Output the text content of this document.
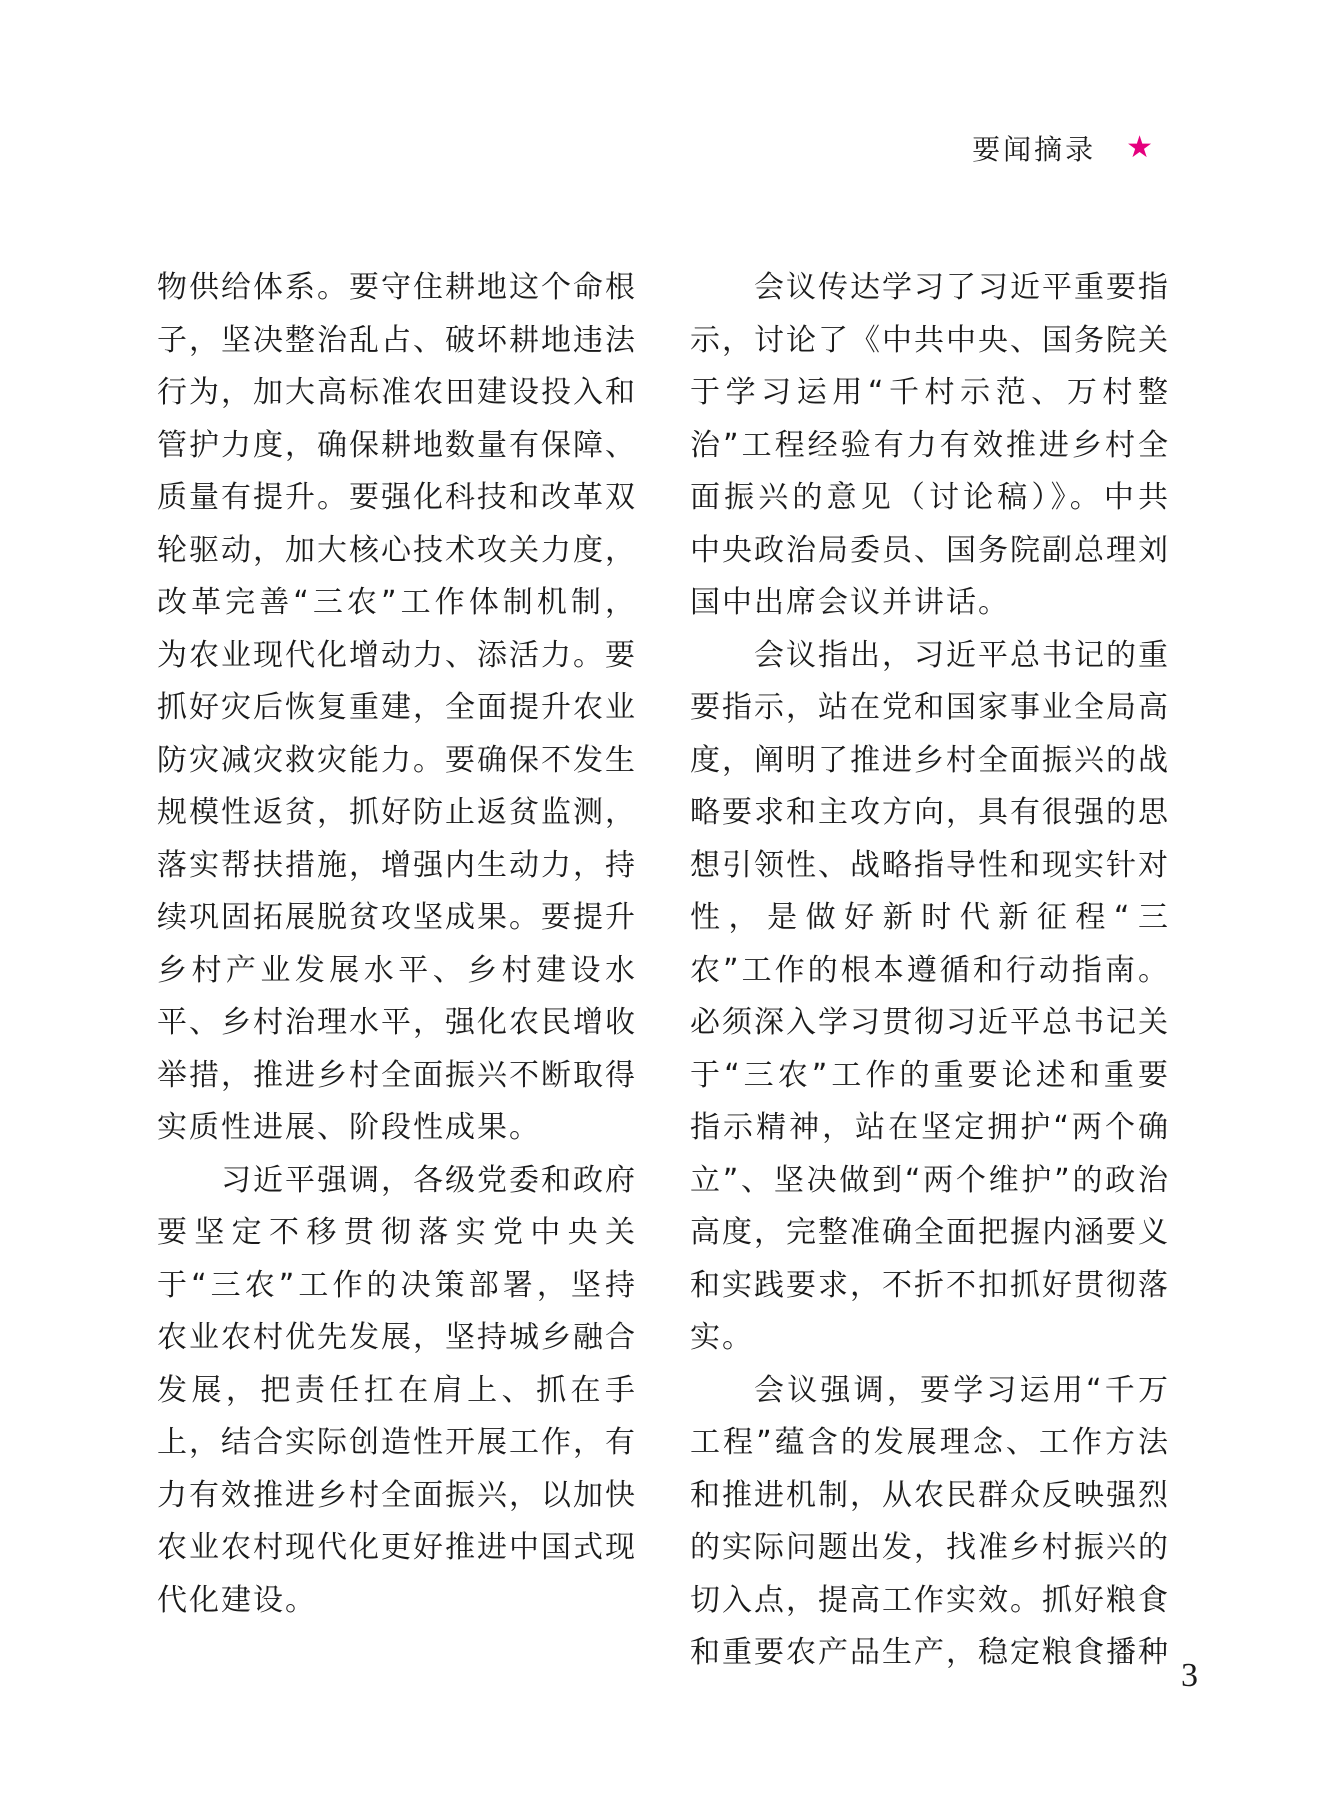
要闻摘录 ★

物供给体系。要守住耕地这个命根子，坚决整治乱占、破坏耕地违法行为，加大高标准农田建设投入和管护力度，确保耕地数量有保障、质量有提升。要强化科技和改革双轮驱动，加大核心技术攻关力度，改革完善“三农”工作体制机制，为农业现代化增动力、添活力。要抓好灾后恢复重建，全面提升农业防灾减灾救灾能力。要确保不发生规模性返贫，抓好防止返贫监测，落实帮扶措施，增强内生动力，持续巩固拓展脱贫攻坚成果。要提升乡村产业发展水平、乡村建设水平、乡村治理水平，强化农民增收举措，推进乡村全面振兴不断取得实质性进展、阶段性成果。

习近平强调，各级党委和政府要坚定不移贯彻落实党中央关于“三农”工作的决策部署，坚持农业农村优先发展，坚持城乡融合发展，把责任扛在肩上、抓在手上，结合实际创造性开展工作，有力有效推进乡村全面振兴，以加快农业农村现代化更好推进中国式现代化建设。

会议传达学习了习近平重要指示，讨论了《中共中央、国务院关于学习运用“千村示范、万村整治”工程经验有力有效推进乡村全面振兴的意见（讨论稿）》。中共中央政治局委员、国务院副总理刘国中出席会议并讲话。

会议指出，习近平总书记的重要指示，站在党和国家事业全局高度，阐明了推进乡村全面振兴的战略要求和主攻方向，具有很强的思想引领性、战略指导性和现实针对性，是做好新时代新征程“三农”工作的根本遵循和行动指南。必须深入学习贯彻习近平总书记关于“三农”工作的重要论述和重要指示精神，站在坚定拥护“两个确立”、坚决做到“两个维护”的政治高度，完整准确全面把握内涵要义和实践要求，不折不扣抓好贯彻落实。

会议强调，要学习运用“千万工程”蕴含的发展理念、工作方法和推进机制，从农民群众反映强烈的实际问题出发，找准乡村振兴的切入点，提高工作实效。抓好粮食和重要农产品生产，稳定粮食播种

3
